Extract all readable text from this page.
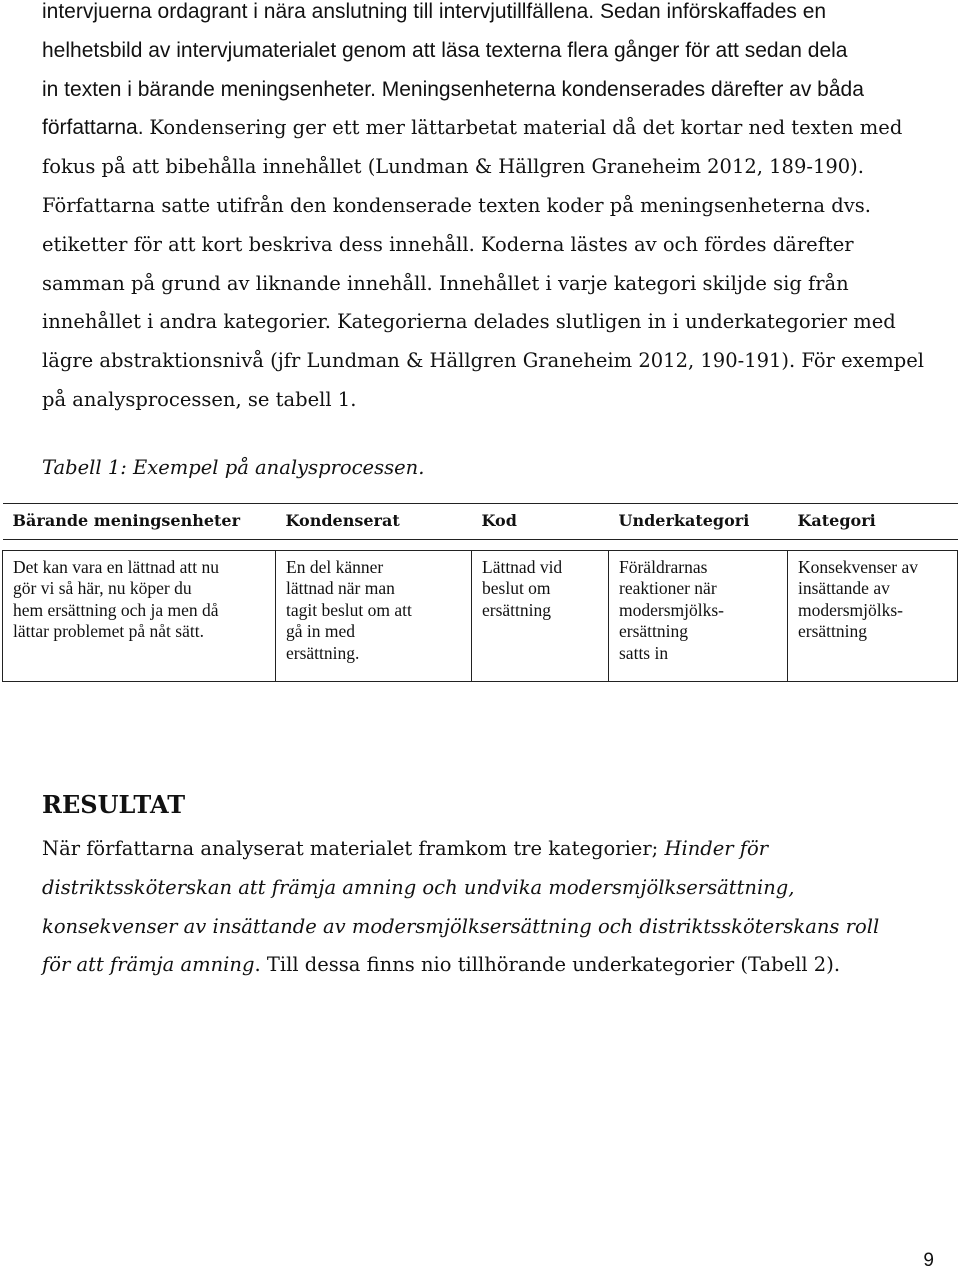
intervjuerna ordagrant i nära anslutning till intervjutillfällena. Sedan införskaffades en
helhetsbild av intervjumaterialet genom att läsa texterna flera gånger för att sedan dela
in texten i bärande meningsenheter. Meningsenheterna kondenserades därefter av båda
författarna. Kondensering ger ett mer lättarbetat material då det kortar ned texten med
fokus på att bibehålla innehållet (Lundman & Hällgren Graneheim 2012, 189-190).
Författarna satte utifrån den kondenserade texten koder på meningsenheterna dvs.
etiketter för att kort beskriva dess innehåll. Koderna lästes av och fördes därefter
samman på grund av liknande innehåll. Innehållet i varje kategori skiljde sig från
innehållet i andra kategorier. Kategorierna delades slutligen in i underkategorier med
lägre abstraktionsnivå (jfr Lundman & Hällgren Graneheim 2012, 190-191). För exempel
på analysprocessen, se tabell 1.
Tabell 1: Exempel på analysprocessen.
Bärande meningsenheter	Kondenserat	Kod	Underkategori	Kategori

Det kan vara en lättnad att nu
gör vi så här, nu köper du
hem ersättning och ja men då
lättar problemet på nåt sätt.	En del känner
lättnad när man
tagit beslut om att
gå in med
ersättning.	Lättnad vid
beslut om
ersättning	Föräldrarnas
reaktioner när
modersmjölks-
ersättning
satts in	Konsekvenser av
insättande av
modersmjölks-
ersättning
RESULTAT
När författarna analyserat materialet framkom tre kategorier; Hinder för
distriktssköterskan att främja amning och undvika modersmjölksersättning,
konsekvenser av insättande av modersmjölksersättning och distriktssköterskans roll
för att främja amning. Till dessa finns nio tillhörande underkategorier (Tabell 2).
9
